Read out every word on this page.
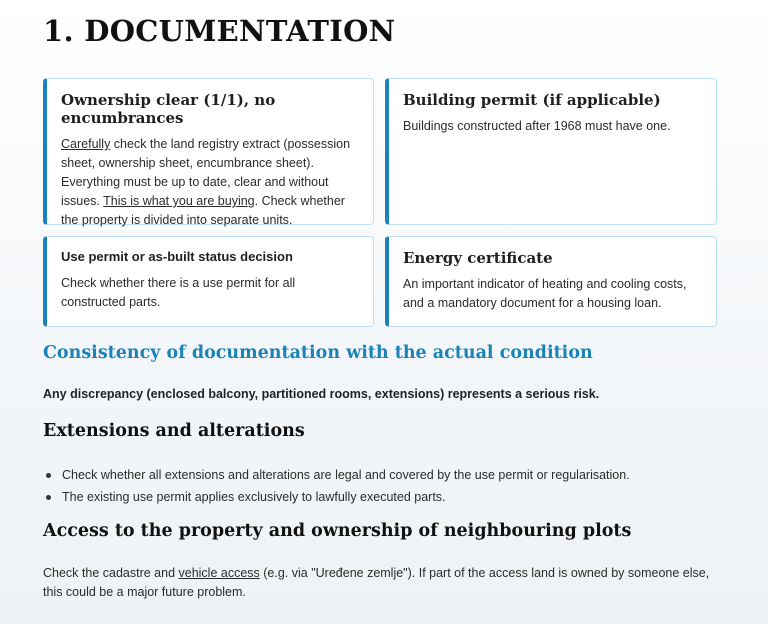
1. DOCUMENTATION
Ownership clear (1/1), no encumbrances

Carefully check the land registry extract (possession sheet, ownership sheet, encumbrance sheet). Everything must be up to date, clear and without issues. This is what you are buying. Check whether the property is divided into separate units.

Building permit (if applicable)

Buildings constructed after 1968 must have one.

Use permit or as-built status decision

Check whether there is a use permit for all constructed parts.

Energy certificate

An important indicator of heating and cooling costs, and a mandatory document for a housing loan.

Consistency of documentation with the actual condition

Any discrepancy (enclosed balcony, partitioned rooms, extensions) represents a serious risk.

Extensions and alterations
Check whether all extensions and alterations are legal and covered by the use permit or regularisation.
The existing use permit applies exclusively to lawfully executed parts.
Access to the property and ownership of neighbouring plots

Check the cadastre and vehicle access (e.g. via "Uređene zemlje"). If part of the access land is owned by someone else, this could be a major future problem.
